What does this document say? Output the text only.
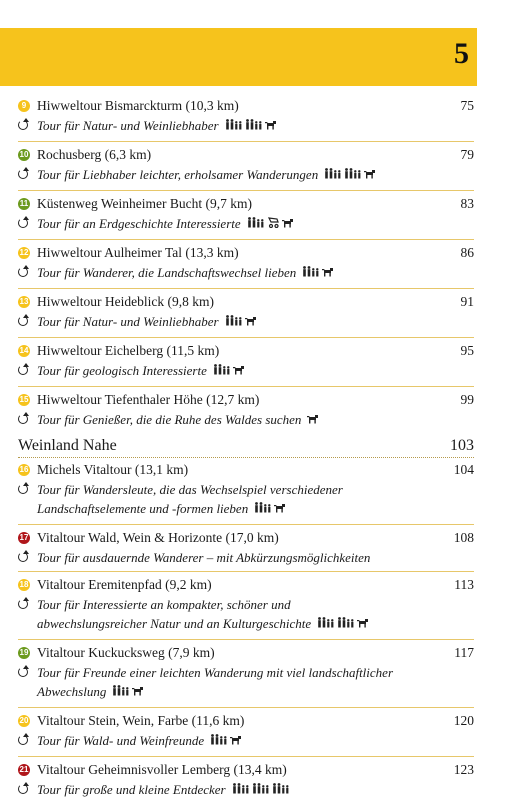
5
9 Hiwweltour Bismarckturm (10,3 km)	75
Tour für Natur- und Weinliebhaber
10 Rochusberg (6,3 km)	79
Tour für Liebhaber leichter, erholsamer Wanderungen
11 Küstenweg Weinheimer Bucht (9,7 km)	83
Tour für an Erdgeschichte Interessierte
12 Hiwweltour Aulheimer Tal (13,3 km)	86
Tour für Wanderer, die Landschaftswechsel lieben
13 Hiwweltour Heideblick (9,8 km)	91
Tour für Natur- und Weinliebhaber
14 Hiwweltour Eichelberg (11,5 km)	95
Tour für geologisch Interessierte
15 Hiwweltour Tiefenthaler Höhe (12,7 km)	99
Tour für Genießer, die die Ruhe des Waldes suchen
Weinland Nahe	103
16 Michels Vitaltour (13,1 km)	104
Tour für Wandersleute, die das Wechselspiel verschiedener
Landschaftselemente und -formen lieben
17 Vitaltour Wald, Wein & Horizonte (17,0 km)	108
Tour für ausdauernde Wanderer – mit Abkürzungsmöglichkeiten
18 Vitaltour Eremitenpfad (9,2 km)	113
Tour für Interessierte an kompakter, schöner und
abwechslungsreicher Natur und an Kulturgeschichte
19 Vitaltour Kuckucksweg (7,9 km)	117
Tour für Freunde einer leichten Wanderung mit viel landschaftlicher
Abwechslung
20 Vitaltour Stein, Wein, Farbe (11,6 km)	120
Tour für Wald- und Weinfreunde
21 Vitaltour Geheimnisvoller Lemberg (13,4 km)	123
Tour für große und kleine Entdecker
